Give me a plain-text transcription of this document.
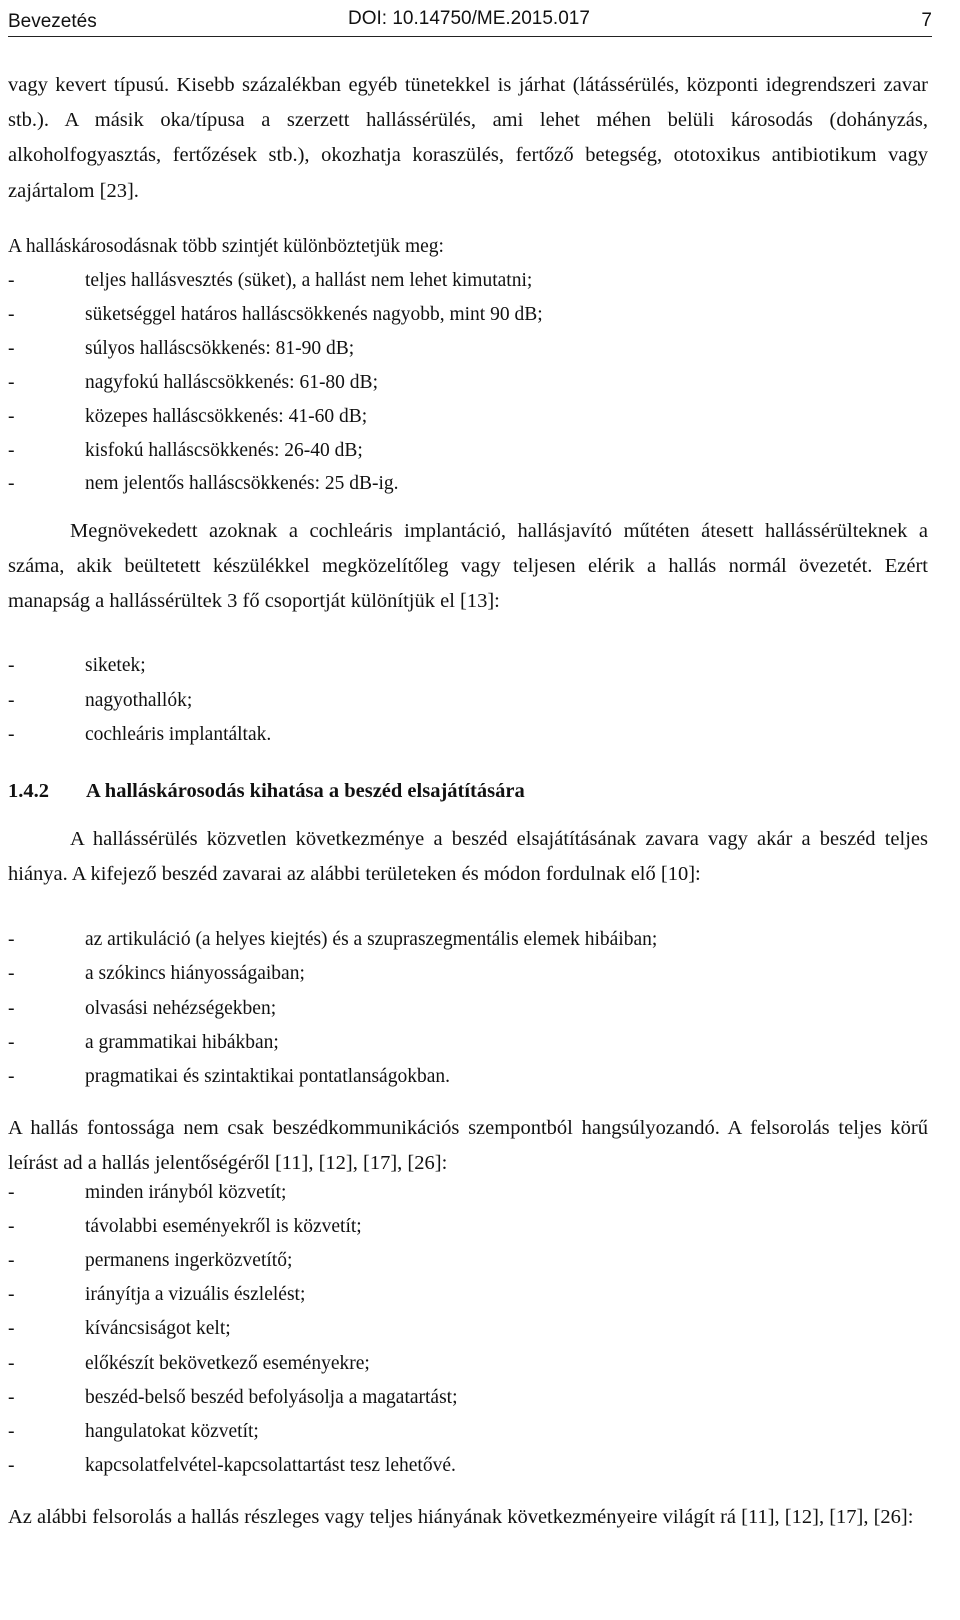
Bevezetés	DOI: 10.14750/ME.2015.017	7

vagy kevert típusú. Kisebb százalékban egyéb tünetekkel is járhat (látássérülés, központi idegrendszeri zavar stb.). A másik oka/típusa a szerzett hallássérülés, ami lehet méhen belüli károsodás (dohányzás, alkoholfogyasztás, fertőzések stb.), okozhatja koraszülés, fertőző betegség, ototoxikus antibiotikum vagy zajártalom [23].

A halláskárosodásnak több szintjét különböztetjük meg:
-	teljes hallásvesztés (süket), a hallást nem lehet kimutatni;
-	süketséggel határos halláscsökkenés nagyobb, mint 90 dB;
-	súlyos halláscsökkenés: 81-90 dB;
-	nagyfokú halláscsökkenés: 61-80 dB;
-	közepes halláscsökkenés: 41-60 dB;
-	kisfokú halláscsökkenés: 26-40 dB;
-	nem jelentős halláscsökkenés: 25 dB-ig.

Megnövekedett azoknak a cochleáris implantáció, hallásjavító műtéten átesett hallássérülteknek a száma, akik beültetett készülékkel megközelítőleg vagy teljesen elérik a hallás normál övezetét. Ezért manapság a hallássérültek 3 fő csoportját különítjük el [13]:

-	siketek;
-	nagyothallók;
-	cochleáris implantáltak.
1.4.2 A halláskárosodás kihatása a beszéd elsajátítására

A hallássérülés közvetlen következménye a beszéd elsajátításának zavara vagy akár a beszéd teljes hiánya. A kifejező beszéd zavarai az alábbi területeken és módon fordulnak elő [10]:

-	az artikuláció (a helyes kiejtés) és a szupraszegmentális elemek hibáiban;
-	a szókincs hiányosságaiban;
-	olvasási nehézségekben;
-	a grammatikai hibákban;
-	pragmatikai és szintaktikai pontatlanságokban.

A hallás fontossága nem csak beszédkommunikációs szempontból hangsúlyozandó. A felsorolás teljes körű leírást ad a hallás jelentőségéről [11], [12], [17], [26]:

-	minden irányból közvetít;
-	távolabbi eseményekről is közvetít;
-	permanens ingerközvetítő;
-	irányítja a vizuális észlelést;
-	kíváncsiságot kelt;
-	előkészít bekövetkező eseményekre;
-	beszéd-belső beszéd befolyásolja a magatartást;
-	hangulatokat közvetít;
-	kapcsolatfelvétel-kapcsolattartást tesz lehetővé.

Az alábbi felsorolás a hallás részleges vagy teljes hiányának következményeire világít rá [11], [12], [17], [26]:
